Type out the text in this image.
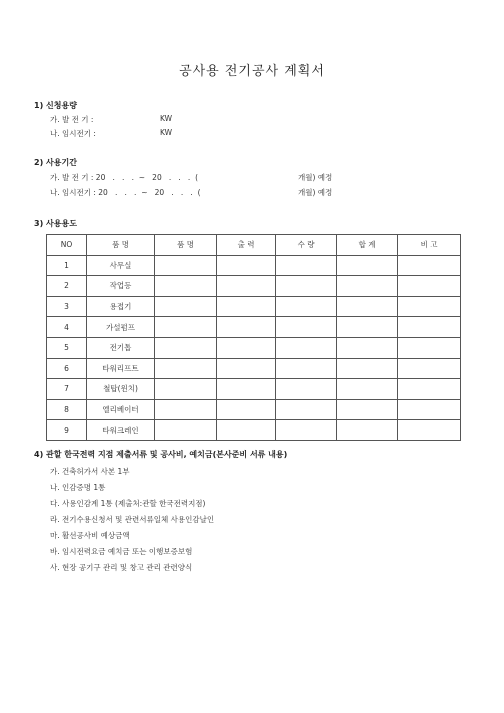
공사용 전기공사 계획서
1) 신청용량
가. 발 전 기 :	KW
나. 임시전기 :	KW
2) 사용기간
가. 발 전 기 : 20   .   .   .  ~   20   .   .   .  (	개월) 예정
나. 임시전기 : 20   .   .   .  ~   20   .   .   .  (	개월) 예정
3) 사용용도
NO	품 명	품 명	출 력	수 량	합 계	비 고
1	사무실					
2	작업등					
3	용접기					
4	가설펌프					
5	전기톱					
6	타워리프트					
7	철탑(윈치)					
8	엘리베이터					
9	타워크레인					
4) 관할 한국전력 지점 제출서류 및 공사비, 예치금(본사준비 서류 내용)
가. 건축허가서 사본 1부
나. 인감증명 1통
다. 사용인감계 1통 (제출처:관할 한국전력지점)
라. 전기수용신청서 및 관련서류일체 사용인감날인
마. 활선공사비 예상금액
바. 임시전력요금 예치금 또는 이행보증보험
사. 현장 공기구 관리 및 창고 관리 관련양식
